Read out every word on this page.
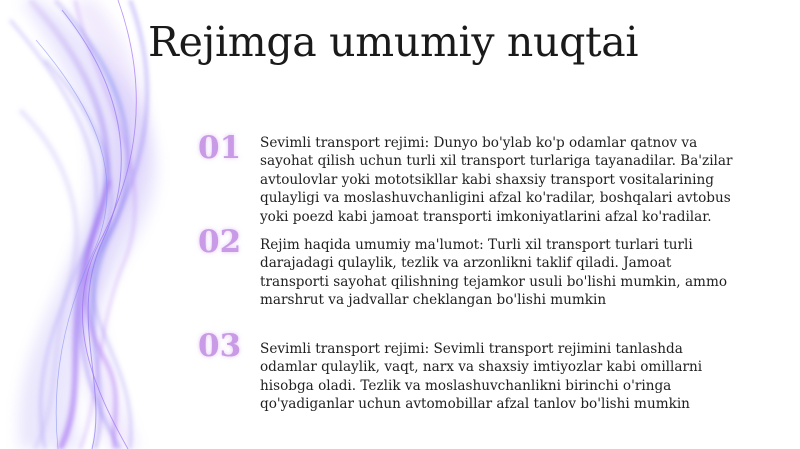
Rejimga umumiy nuqtai
01	Sevimli transport rejimi: Dunyo bo'ylab ko'p odamlar qatnov va sayohat qilish uchun turli xil transport turlariga tayanadilar. Ba'zilar avtoulovlar yoki mototsikllar kabi shaxsiy transport vositalarining qulayligi va moslashuvchanligini afzal ko'radilar, boshqalari avtobus yoki poezd kabi jamoat transporti imkoniyatlarini afzal ko'radilar.

02	Rejim haqida umumiy ma'lumot: Turli xil transport turlari turli darajadagi qulaylik, tezlik va arzonlikni taklif qiladi. Jamoat transporti sayohat qilishning tejamkor usuli bo'lishi mumkin, ammo marshrut va jadvallar cheklangan bo'lishi mumkin

03	Sevimli transport rejimi: Sevimli transport rejimini tanlashda odamlar qulaylik, vaqt, narx va shaxsiy imtiyozlar kabi omillarni hisobga oladi. Tezlik va moslashuvchanlikni birinchi o'ringa qo'yadiganlar uchun avtomobillar afzal tanlov bo'lishi mumkin
